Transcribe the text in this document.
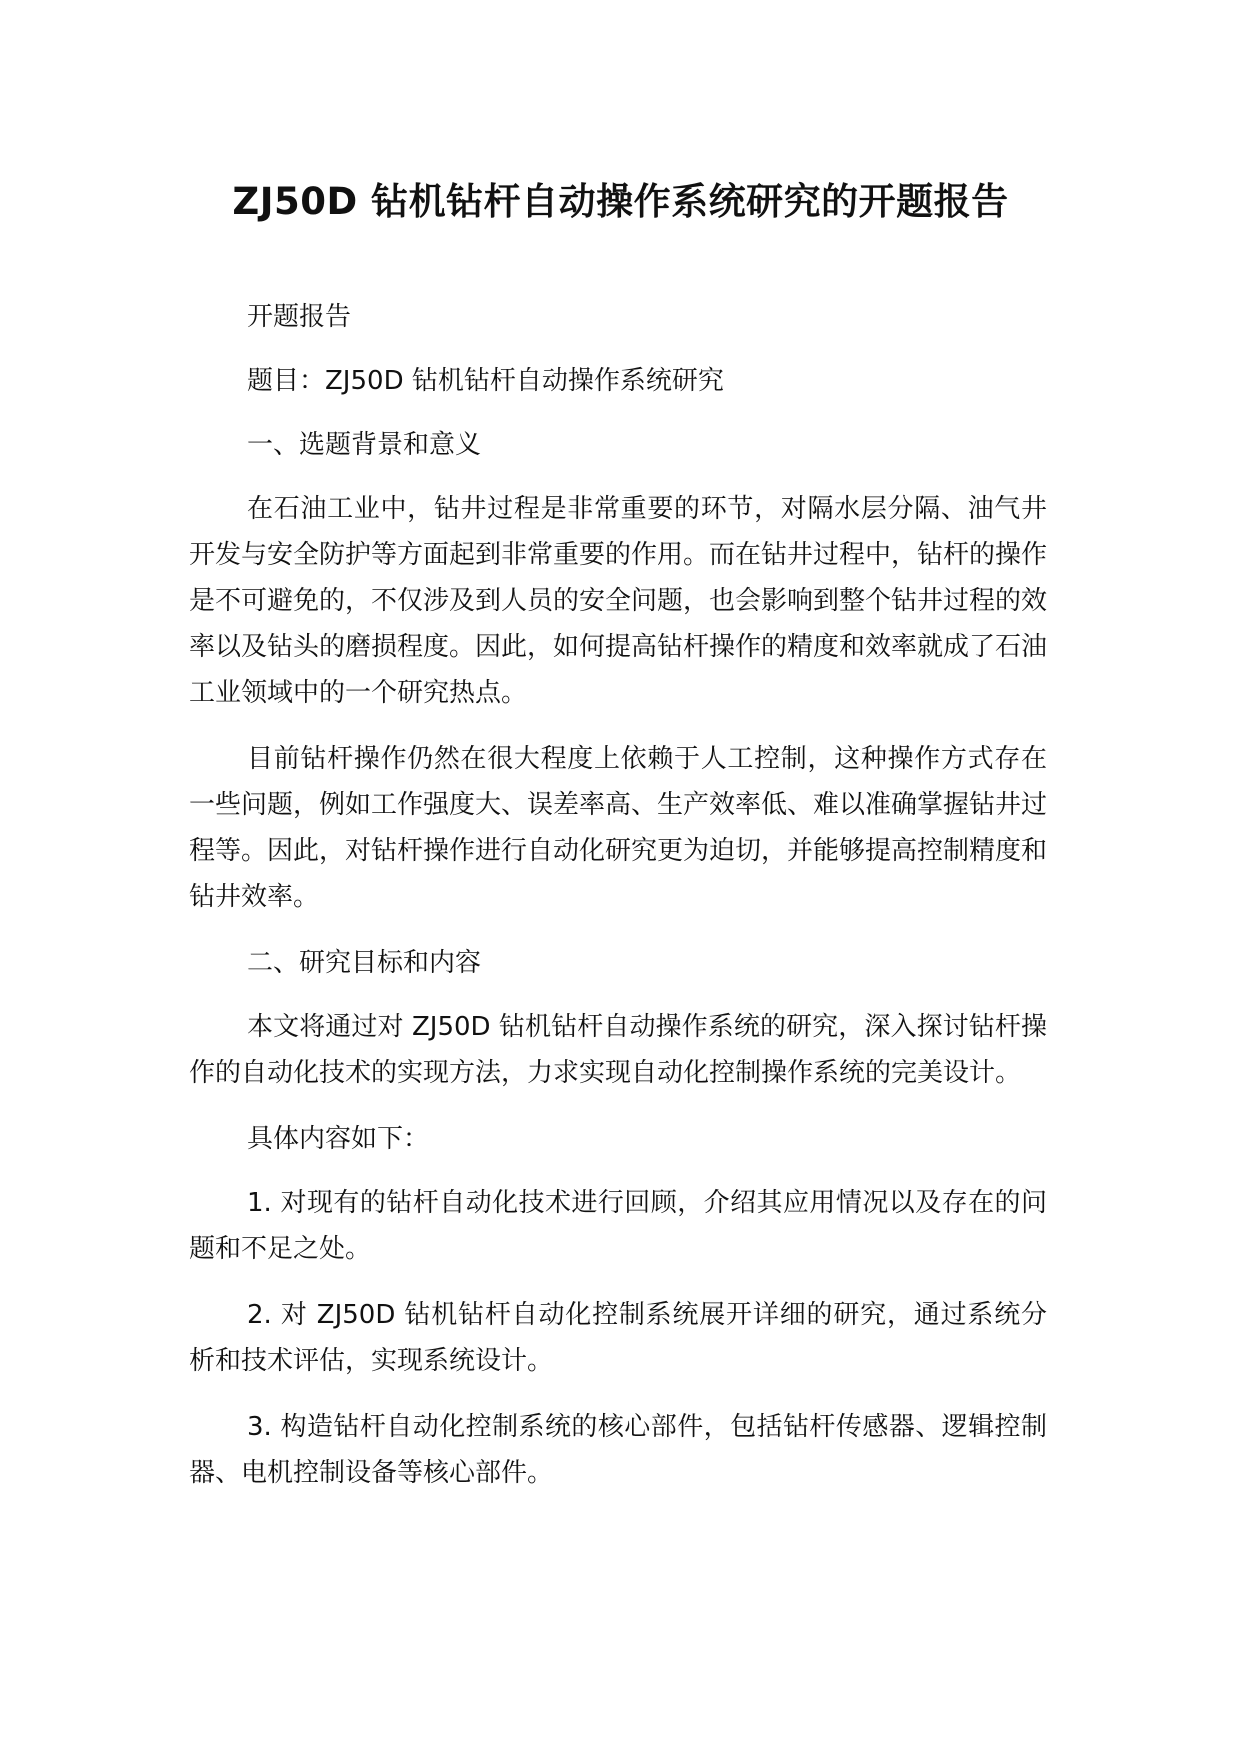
ZJ50D 钻机钻杆自动操作系统研究的开题报告

开题报告

题目：ZJ50D 钻机钻杆自动操作系统研究

一、选题背景和意义

在石油工业中，钻井过程是非常重要的环节，对隔水层分隔、油气井开发与安全防护等方面起到非常重要的作用。而在钻井过程中，钻杆的操作是不可避免的，不仅涉及到人员的安全问题，也会影响到整个钻井过程的效率以及钻头的磨损程度。因此，如何提高钻杆操作的精度和效率就成了石油工业领域中的一个研究热点。

目前钻杆操作仍然在很大程度上依赖于人工控制，这种操作方式存在一些问题，例如工作强度大、误差率高、生产效率低、难以准确掌握钻井过程等。因此，对钻杆操作进行自动化研究更为迫切，并能够提高控制精度和钻井效率。

二、研究目标和内容

本文将通过对 ZJ50D 钻机钻杆自动操作系统的研究，深入探讨钻杆操作的自动化技术的实现方法，力求实现自动化控制操作系统的完美设计。

具体内容如下：

1. 对现有的钻杆自动化技术进行回顾，介绍其应用情况以及存在的问题和不足之处。

2. 对 ZJ50D 钻机钻杆自动化控制系统展开详细的研究，通过系统分析和技术评估，实现系统设计。

3. 构造钻杆自动化控制系统的核心部件，包括钻杆传感器、逻辑控制器、电机控制设备等核心部件。
